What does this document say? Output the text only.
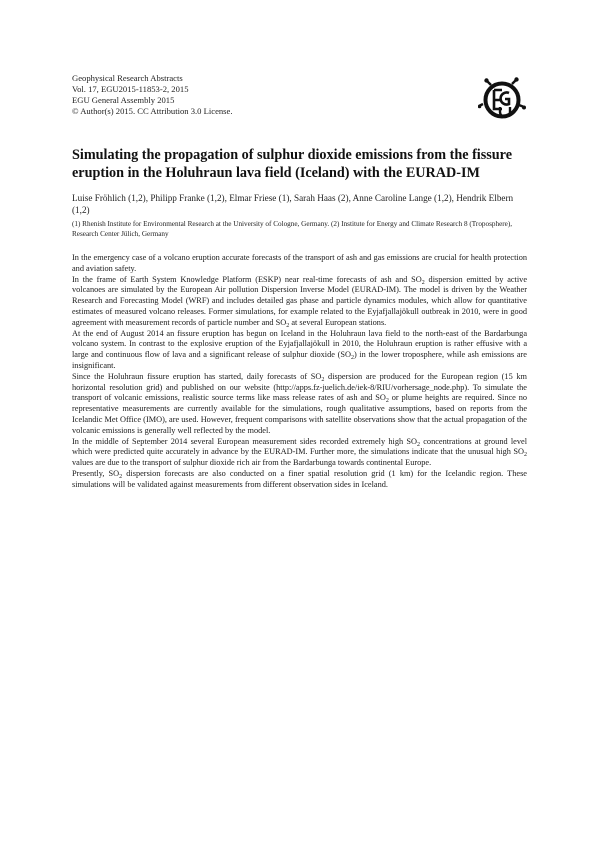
Geophysical Research Abstracts
Vol. 17, EGU2015-11853-2, 2015
EGU General Assembly 2015
© Author(s) 2015. CC Attribution 3.0 License.
Simulating the propagation of sulphur dioxide emissions from the fissure eruption in the Holuhraun lava field (Iceland) with the EURAD-IM
Luise Fröhlich (1,2), Philipp Franke (1,2), Elmar Friese (1), Sarah Haas (2), Anne Caroline Lange (1,2), Hendrik Elbern (1,2)
(1) Rhenish Institute for Environmental Research at the University of Cologne, Germany. (2) Institute for Energy and Climate Research 8 (Troposphere), Research Center Jülich, Germany

In the emergency case of a volcano eruption accurate forecasts of the transport of ash and gas emissions are crucial for health protection and aviation safety.

In the frame of Earth System Knowledge Platform (ESKP) near real-time forecasts of ash and $SO_2$ dispersion emitted by active volcanoes are simulated by the European Air pollution Dispersion Inverse Model (EURAD-IM). The model is driven by the Weather Research and Forecasting Model (WRF) and includes detailed gas phase and particle dynamics modules, which allow for quantitative estimates of measured volcano releases. Former simulations, for example related to the Eyjafjallajökull outbreak in 2010, were in good agreement with measurement records of particle number and $SO_2$ at several European stations.

At the end of August 2014 an fissure eruption has begun on Iceland in the Holuhraun lava field to the north-east of the Bardarbunga volcano system. In contrast to the explosive eruption of the Eyjafjallajökull in 2010, the Holuhraun eruption is rather effusive with a large and continuous flow of lava and a significant release of sulphur dioxide $(SO_2)$ in the lower troposphere, while ash emissions are insignificant.

Since the Holuhraun fissure eruption has started, daily forecasts of $SO_2$ dispersion are produced for the European region (15 km horizontal resolution grid) and published on our website (http://apps.fz-juelich.de/iek-8/RIU/vorhersage_node.php). To simulate the transport of volcanic emissions, realistic source terms like mass release rates of ash and $SO_2$ or plume heights are required. Since no representative measurements are currently available for the simulations, rough qualitative assumptions, based on reports from the Icelandic Met Office (IMO), are used. However, frequent comparisons with satellite observations show that the actual propagation of the volcanic emissions is generally well reflected by the model.

In the middle of September 2014 several European measurement sides recorded extremely high $SO_2$ concentrations at ground level which were predicted quite accurately in advance by the EURAD-IM. Further more, the simulations indicate that the unusual high $SO_2$ values are due to the transport of sulphur dioxide rich air from the Bardarbunga towards continental Europe.

Presently, $SO_2$ dispersion forecasts are also conducted on a finer spatial resolution grid (1 km) for the Icelandic region. These simulations will be validated against measurements from different observation sides in Iceland.
